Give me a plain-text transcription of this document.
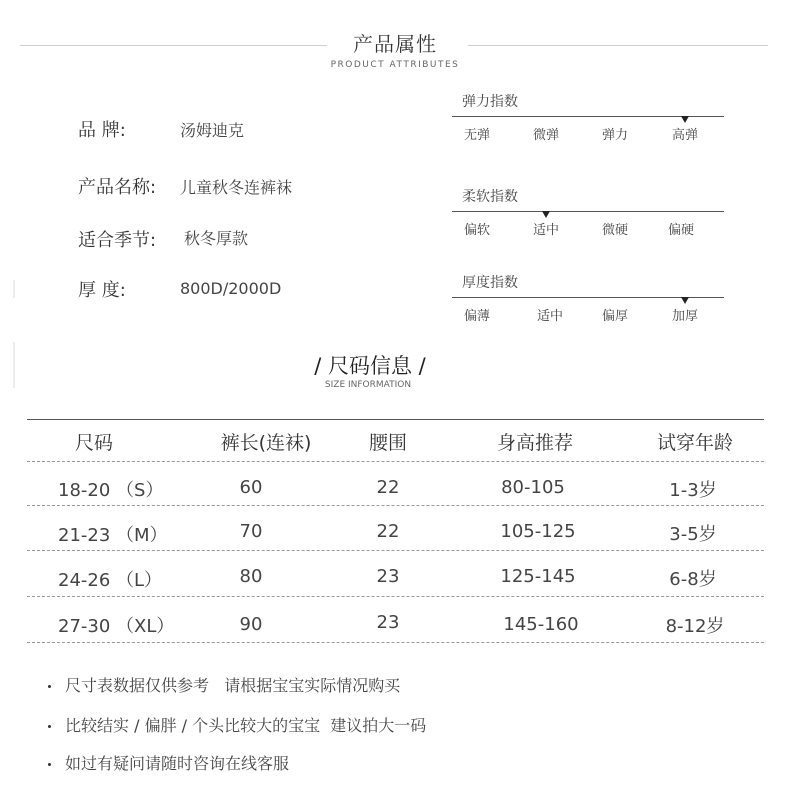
产品属性
PRODUCT ATTRIBUTES
品 牌:	汤姆迪克
产品名称:	儿童秋冬连裤袜
适合季节:	秋冬厚款
厚 度:	800D/2000D
弹力指数
无弹	微弹	弹力	高弹
柔软指数
偏软	适中	微硬	偏硬
厚度指数
偏薄	适中	偏厚	加厚
/ 尺码信息 /
SIZE INFORMATION
尺码	裤长(连袜)	腰围	身高推荐	试穿年龄
18-20 （S）	60	22	80-105	1-3岁
21-23 （M）	70	22	105-125	3-5岁
24-26 （L）	80	23	125-145	6-8岁
27-30 （XL）	90	23	145-160	8-12岁
尺寸表数据仅供参考   请根据宝宝实际情况购买
比较结实 / 偏胖 / 个头比较大的宝宝  建议拍大一码
如过有疑问请随时咨询在线客服
